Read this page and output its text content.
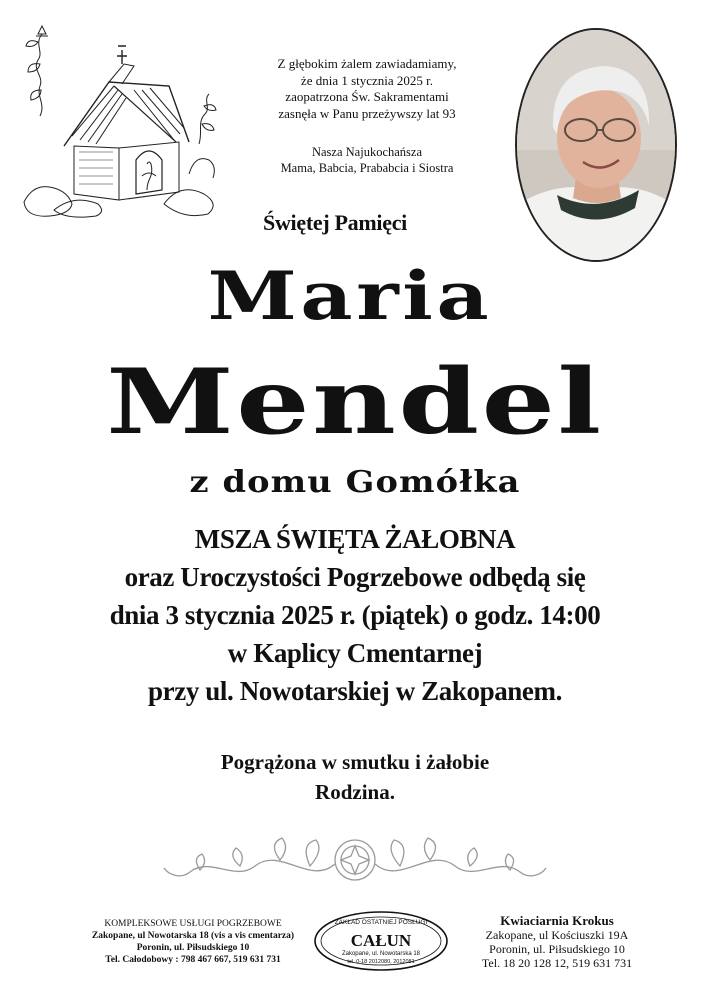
Z głębokim żalem zawiadamiamy,
że dnia 1 stycznia 2025 r.
zaopatrzona Św. Sakramentami
zasnęła w Panu przeżywszy lat 93
Nasza Najukochańsza
Mama, Babcia, Prababcia i Siostra
Świętej Pamięci
Maria
Mendel
z domu Gomółka
MSZA ŚWIĘTA ŻAŁOBNA
oraz Uroczystości Pogrzebowe odbędą się
dnia 3 stycznia 2025 r. (piątek) o godz. 14:00
w Kaplicy Cmentarnej
przy ul. Nowotarskiej w Zakopanem.
Pogrążona w smutku i żałobie
Rodzina.
KOMPLEKSOWE USŁUGI POGRZEBOWE
Zakopane, ul Nowotarska 18 (vis a vis cmentarza)
Poronin, ul. Piłsudskiego 10
Tel. Całodobowy : 798 467 667, 519 631 731
ZAKŁAD OSTATNIEJ POSŁUGI
CAŁUN
Zakopane, ul. Nowotarska 18
tel. 0-18 2012080, 2012081
Kwiaciarnia Krokus
Zakopane, ul Kościuszki 19A
Poronin, ul. Piłsudskiego 10
Tel. 18 20 128 12, 519 631 731
